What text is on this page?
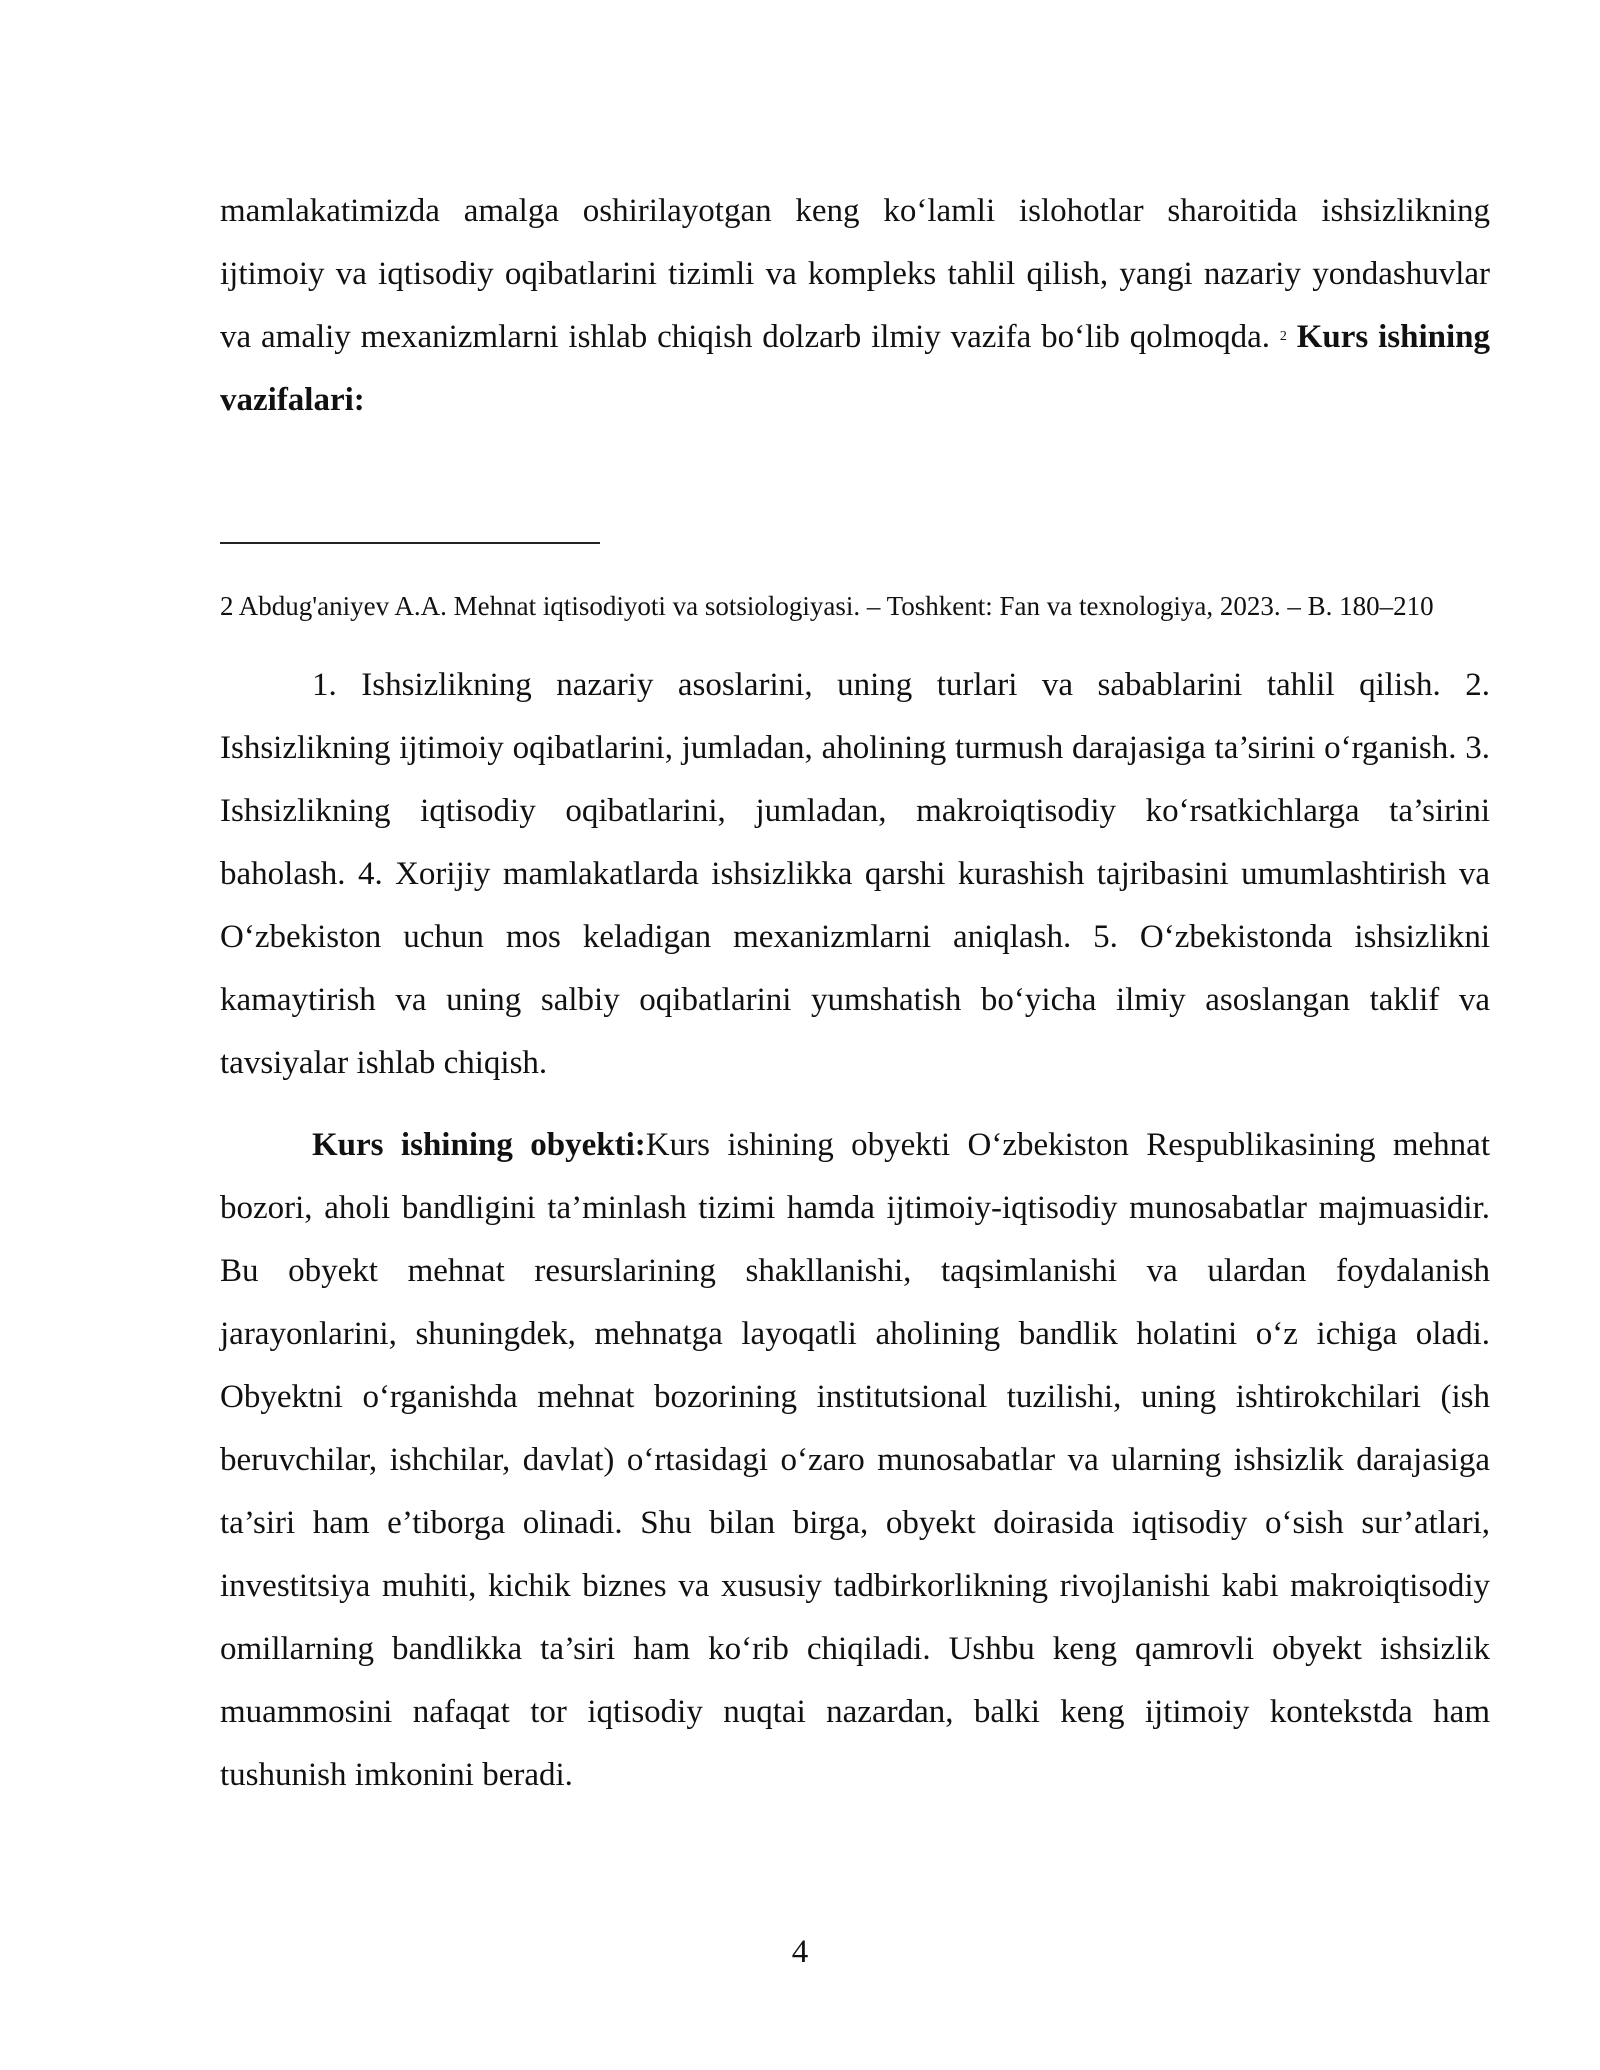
mamlakatimizda amalga oshirilayotgan keng ko‘lamli islohotlar sharoitida ishsizlikning ijtimoiy va iqtisodiy oqibatlarini tizimli va kompleks tahlil qilish, yangi nazariy yondashuvlar va amaliy mexanizmlarni ishlab chiqish dolzarb ilmiy vazifa bo‘lib qolmoqda. $^2$ Kurs ishining vazifalari:

2 Abdug'aniyev A.A. Mehnat iqtisodiyoti va sotsiologiyasi. – Toshkent: Fan va texnologiya, 2023. – B. 180–210

1. Ishsizlikning nazariy asoslarini, uning turlari va sabablarini tahlil qilish. 2. Ishsizlikning ijtimoiy oqibatlarini, jumladan, aholining turmush darajasiga ta’sirini o‘rganish. 3. Ishsizlikning iqtisodiy oqibatlarini, jumladan, makroiqtisodiy ko‘rsatkichlarga ta’sirini baholash. 4. Xorijiy mamlakatlarda ishsizlikka qarshi kurashish tajribasini umumlashtirish va O‘zbekiston uchun mos keladigan mexanizmlarni aniqlash. 5. O‘zbekistonda ishsizlikni kamaytirish va uning salbiy oqibatlarini yumshatish bo‘yicha ilmiy asoslangan taklif va tavsiyalar ishlab chiqish.

Kurs ishining obyekti:Kurs ishining obyekti O‘zbekiston Respublikasining mehnat bozori, aholi bandligini ta’minlash tizimi hamda ijtimoiy-iqtisodiy munosabatlar majmuasidir. Bu obyekt mehnat resurslarining shakllanishi, taqsimlanishi va ulardan foydalanish jarayonlarini, shuningdek, mehnatga layoqatli aholining bandlik holatini o‘z ichiga oladi. Obyektni o‘rganishda mehnat bozorining institutsional tuzilishi, uning ishtirokchilari (ish beruvchilar, ishchilar, davlat) o‘rtasidagi o‘zaro munosabatlar va ularning ishsizlik darajasiga ta’siri ham e’tiborga olinadi. Shu bilan birga, obyekt doirasida iqtisodiy o‘sish sur’atlari, investitsiya muhiti, kichik biznes va xususiy tadbirkorlikning rivojlanishi kabi makroiqtisodiy omillarning bandlikka ta’siri ham ko‘rib chiqiladi. Ushbu keng qamrovli obyekt ishsizlik muammosini nafaqat tor iqtisodiy nuqtai nazardan, balki keng ijtimoiy kontekstda ham tushunish imkonini beradi.

4
